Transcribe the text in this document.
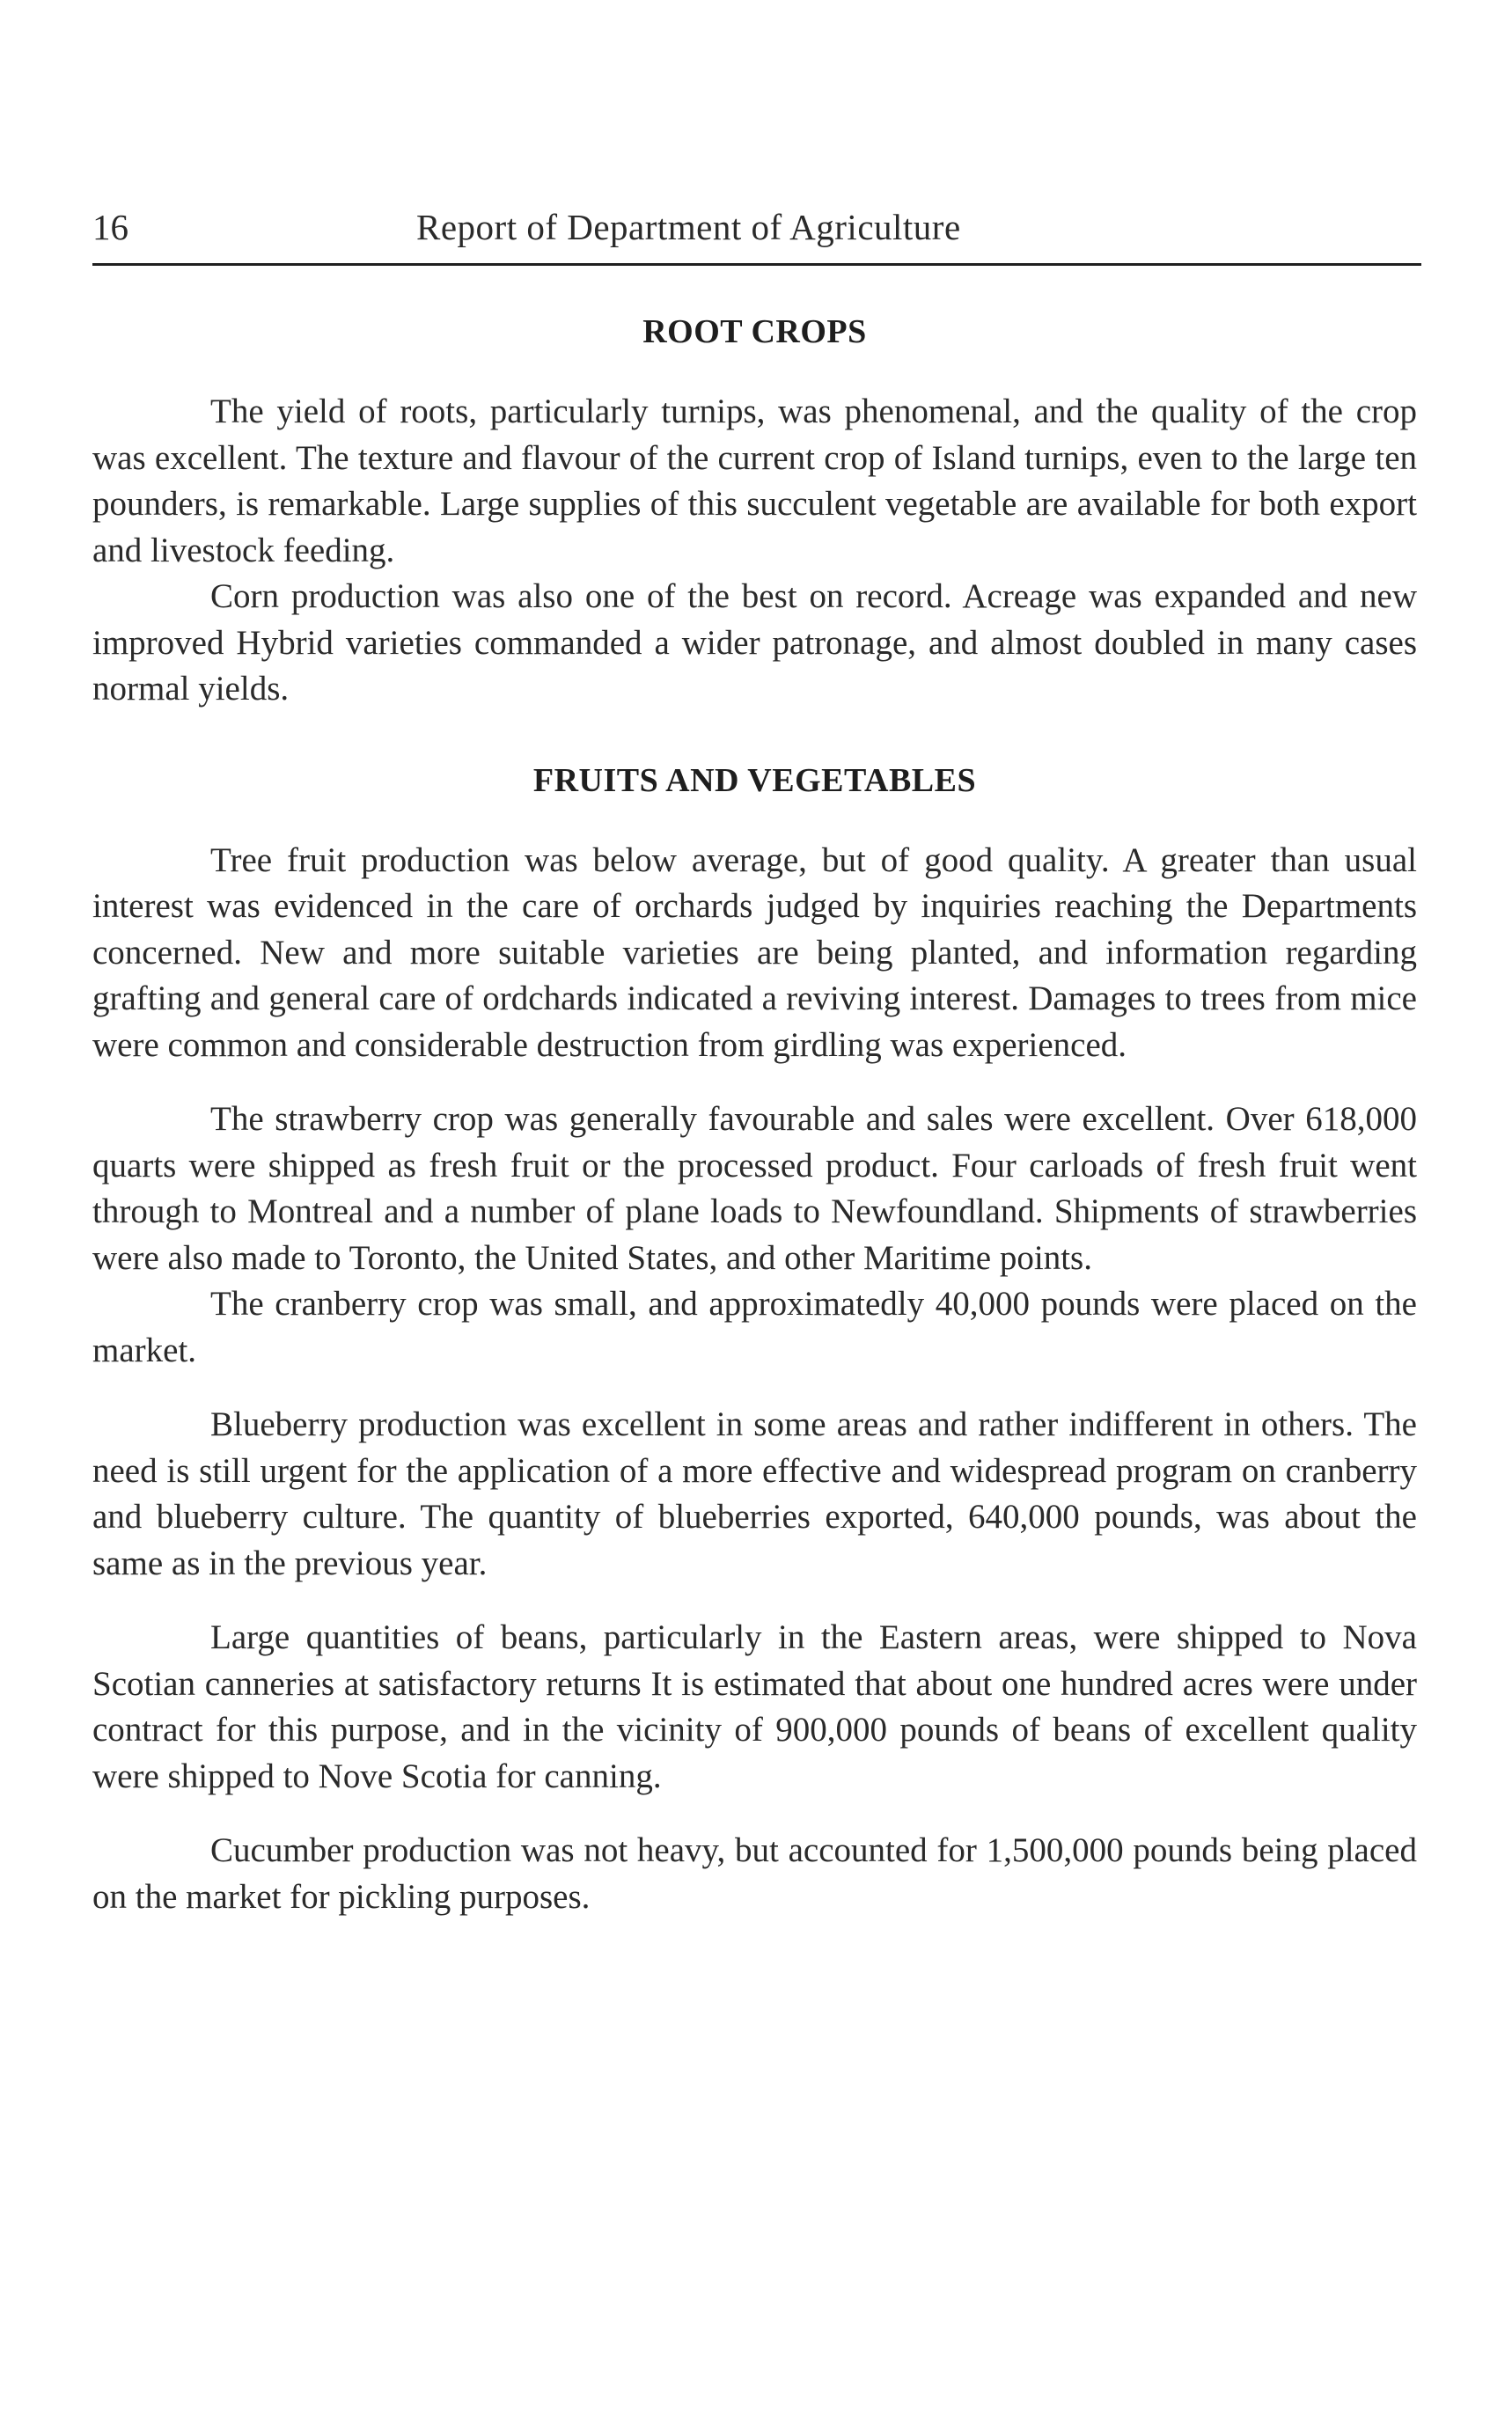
16	Report of Department of Agriculture
ROOT CROPS

The yield of roots, particularly turnips, was phenomenal, and the quality of the crop was excellent. The texture and flavour of the current crop of Island turnips, even to the large ten pounders, is remarkable. Large supplies of this succulent vegetable are available for both export and livestock feeding.

Corn production was also one of the best on record. Acreage was expanded and new improved Hybrid varieties commanded a wider patronage, and almost doubled in many cases normal yields.

FRUITS AND VEGETABLES

Tree fruit production was below average, but of good quality. A greater than usual interest was evidenced in the care of orchards judged by inquiries reaching the Departments concerned. New and more suitable varieties are being planted, and information regarding grafting and general care of ordchards indicated a reviving interest. Damages to trees from mice were common and considerable destruction from girdling was experienced.

The strawberry crop was generally favourable and sales were excellent. Over 618,000 quarts were shipped as fresh fruit or the processed product. Four carloads of fresh fruit went through to Montreal and a number of plane loads to Newfoundland. Shipments of strawberries were also made to Toronto, the United States, and other Maritime points.

The cranberry crop was small, and approximatedly 40,000 pounds were placed on the market.

Blueberry production was excellent in some areas and rather indifferent in others. The need is still urgent for the application of a more effective and widespread program on cranberry and blueberry culture. The quantity of blueberries exported, 640,000 pounds, was about the same as in the previous year.

Large quantities of beans, particularly in the Eastern areas, were shipped to Nova Scotian canneries at satisfactory returns It is estimated that about one hundred acres were under contract for this purpose, and in the vicinity of 900,000 pounds of beans of excellent quality were shipped to Nove Scotia for canning.

Cucumber production was not heavy, but accounted for 1,500,000 pounds being placed on the market for pickling purposes.
